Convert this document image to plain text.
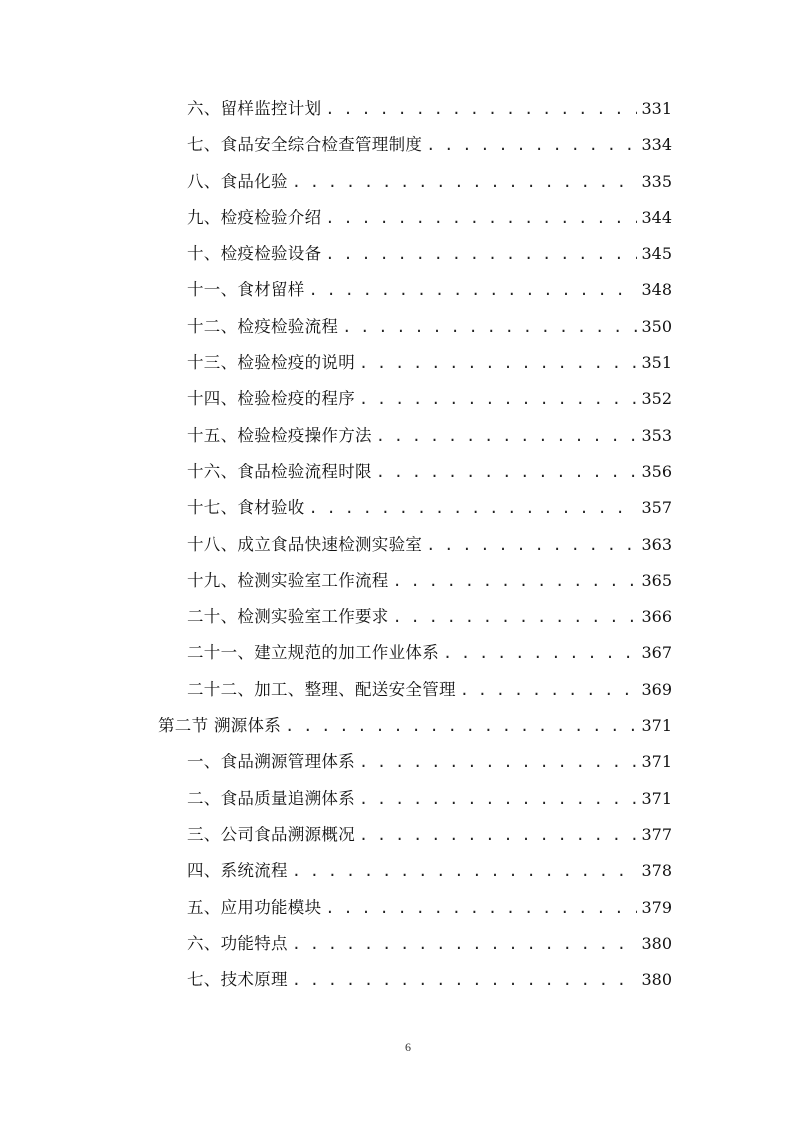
六、留样监控计划 . . .	331
七、食品安全综合检查管理制度 . . .	334
八、食品化验 . . .	335
九、检疫检验介绍 . . .	344
十、检疫检验设备 . . .	345
十一、食材留样 . . .	348
十二、检疫检验流程 . . .	350
十三、检验检疫的说明 . . .	351
十四、检验检疫的程序 . . .	352
十五、检验检疫操作方法 . . .	353
十六、食品检验流程时限 . . .	356
十七、食材验收 . . .	357
十八、成立食品快速检测实验室 . . .	363
十九、检测实验室工作流程 . . .	365
二十、检测实验室工作要求 . . .	366
二十一、建立规范的加工作业体系 . . .	367
二十二、加工、整理、配送安全管理 . . .	369
第二节 溯源体系 . . .	371
一、食品溯源管理体系 . . .	371
二、食品质量追溯体系 . . .	371
三、公司食品溯源概况 . . .	377
四、系统流程 . . .	378
五、应用功能模块 . . .	379
六、功能特点 . . .	380
七、技术原理 . . .	380
6
